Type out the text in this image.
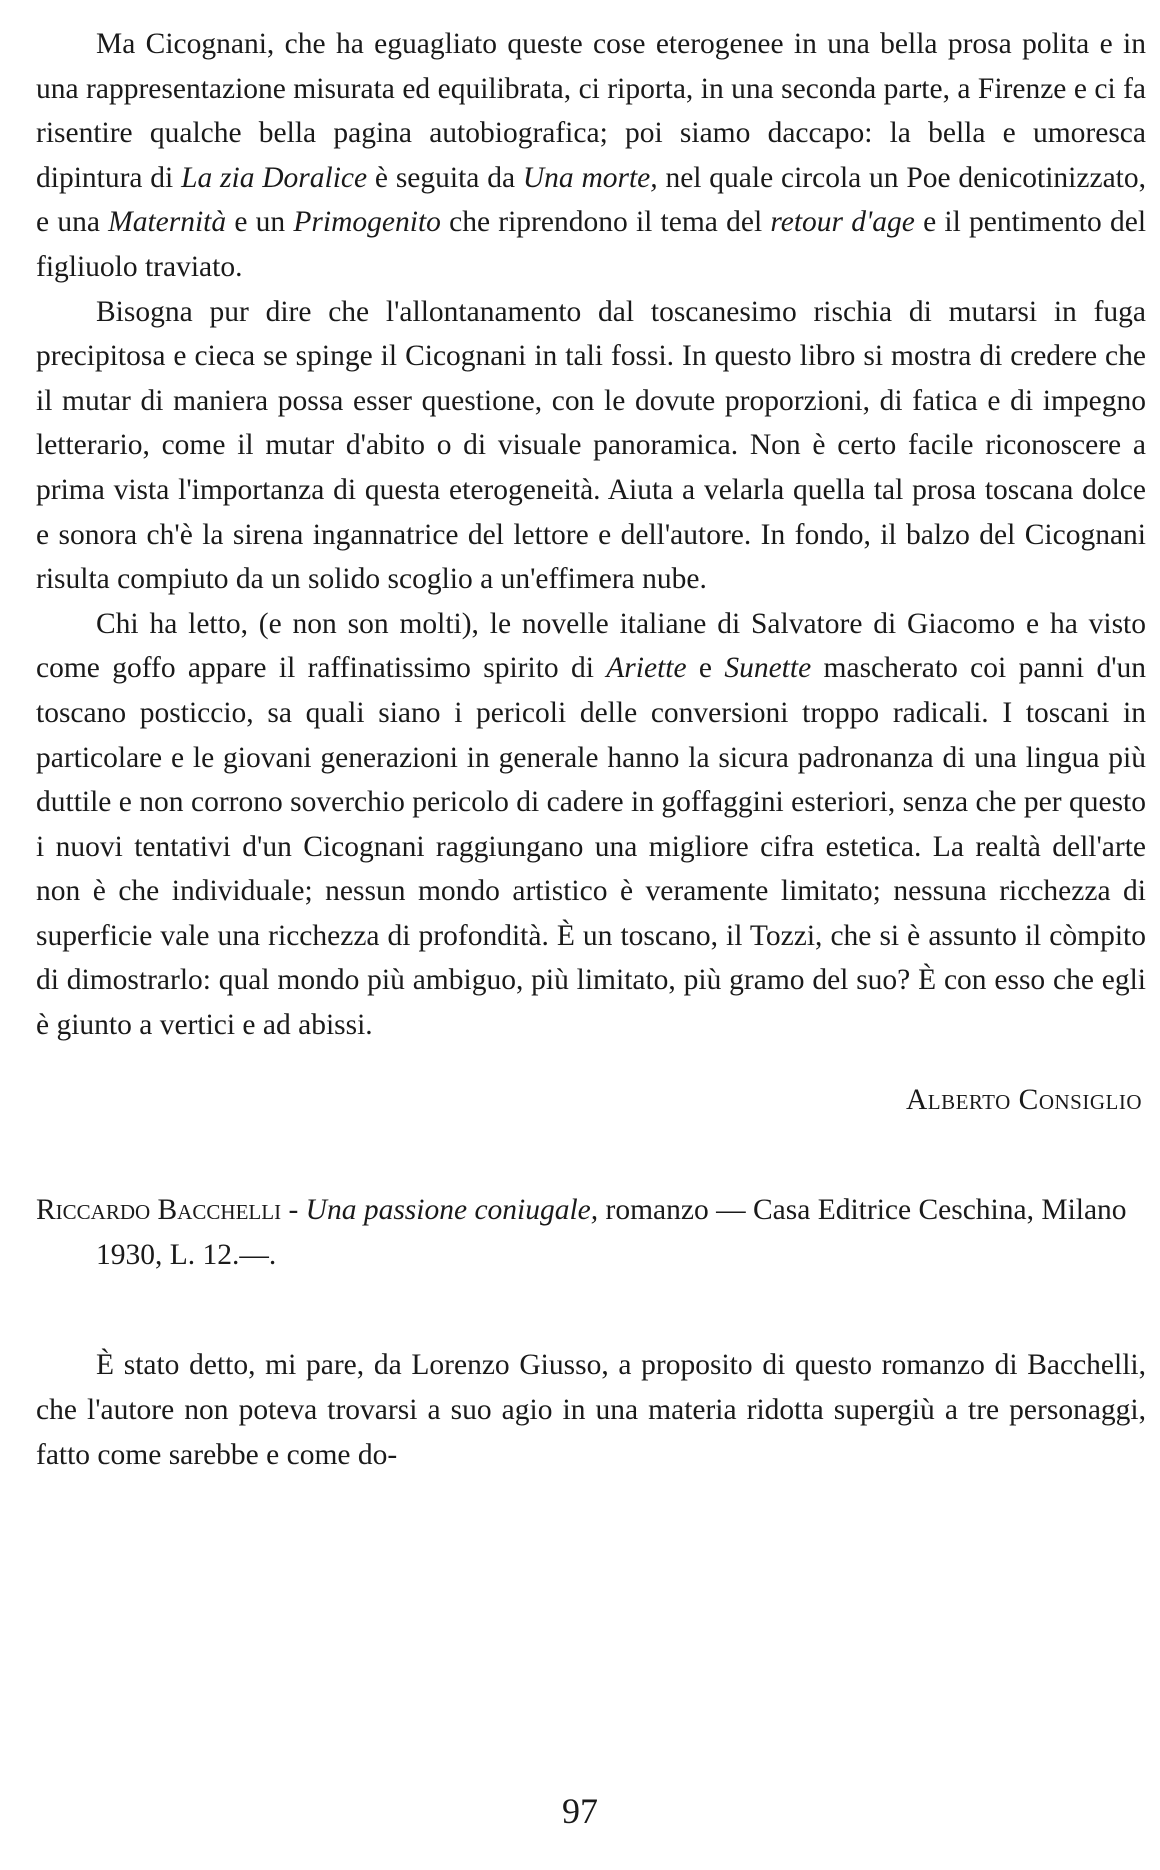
Ma Cicognani, che ha eguagliato queste cose eterogenee in una bella prosa polita e in una rappresentazione misurata ed equilibrata, ci riporta, in una seconda parte, a Firenze e ci fa risentire qualche bella pagina autobiografica; poi siamo daccapo: la bella e umoresca dipintura di La zia Doralice è seguita da Una morte, nel quale circola un Poe denicotinizzato, e una Maternità e un Primogenito che riprendono il tema del retour d'age e il pentimento del figliuolo traviato.

Bisogna pur dire che l'allontanamento dal toscanesimo rischia di mutarsi in fuga precipitosa e cieca se spinge il Cicognani in tali fossi. In questo libro si mostra di credere che il mutar di maniera possa esser questione, con le dovute proporzioni, di fatica e di impegno letterario, come il mutar d'abito o di visuale panoramica. Non è certo facile riconoscere a prima vista l'importanza di questa eterogeneità. Aiuta a velarla quella tal prosa toscana dolce e sonora ch'è la sirena ingannatrice del lettore e dell'autore. In fondo, il balzo del Cicognani risulta compiuto da un solido scoglio a un'effimera nube.

Chi ha letto, (e non son molti), le novelle italiane di Salvatore di Giacomo e ha visto come goffo appare il raffinatissimo spirito di Ariette e Sunette mascherato coi panni d'un toscano posticcio, sa quali siano i pericoli delle conversioni troppo radicali. I toscani in particolare e le giovani generazioni in generale hanno la sicura padronanza di una lingua più duttile e non corrono soverchio pericolo di cadere in goffaggini esteriori, senza che per questo i nuovi tentativi d'un Cicognani raggiungano una migliore cifra estetica. La realtà dell'arte non è che individuale; nessun mondo artistico è veramente limitato; nessuna ricchezza di superficie vale una ricchezza di profondità. È un toscano, il Tozzi, che si è assunto il còmpito di dimostrarlo: qual mondo più ambiguo, più limitato, più gramo del suo? È con esso che egli è giunto a vertici e ad abissi.

Alberto Consiglio
Riccardo Bacchelli - Una passione coniugale, romanzo — Casa Editrice Ceschina, Milano 1930, L. 12.—.

È stato detto, mi pare, da Lorenzo Giusso, a proposito di questo romanzo di Bacchelli, che l'autore non poteva trovarsi a suo agio in una materia ridotta supergiù a tre personaggi, fatto come sarebbe e come do-

97
